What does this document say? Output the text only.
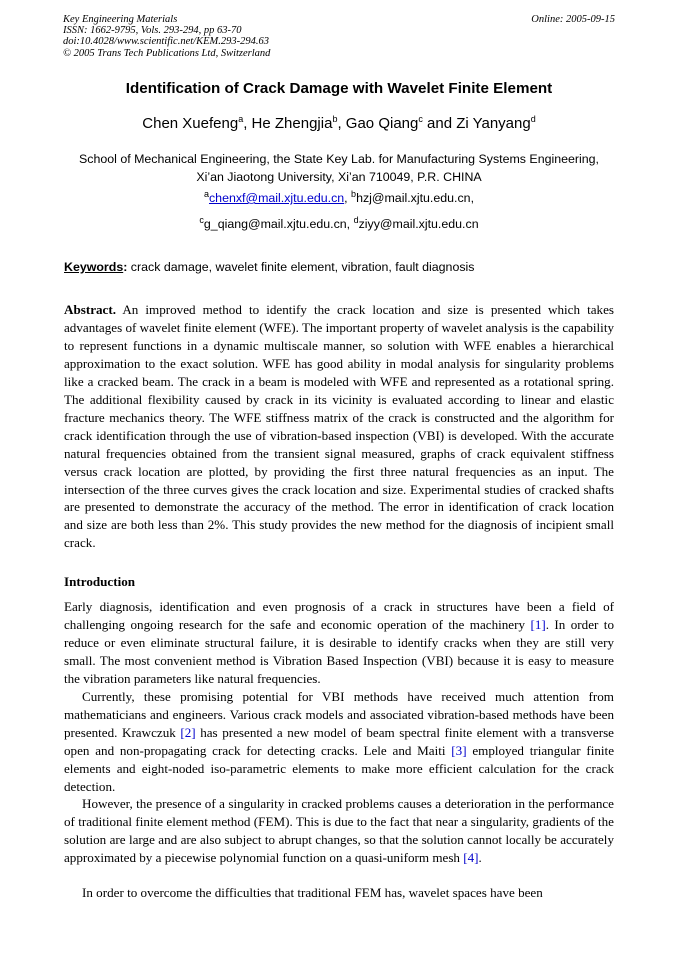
Key Engineering Materials
ISSN: 1662-9795, Vols. 293-294, pp 63-70
doi:10.4028/www.scientific.net/KEM.293-294.63
© 2005 Trans Tech Publications Ltd, Switzerland
Online: 2005-09-15
Identification of Crack Damage with Wavelet Finite Element
Chen Xuefeng$^a$, He Zhengjia$^b$, Gao Qiang$^c$ and Zi Yanyang$^d$
School of Mechanical Engineering, the State Key Lab. for Manufacturing Systems Engineering,
Xi’an Jiaotong University, Xi’an 710049, P.R. CHINA
$^a$chenxf@mail.xjtu.edu.cn, $^b$hzj@mail.xjtu.edu.cn,
$^c$g_qiang@mail.xjtu.edu.cn, $^d$ziyy@mail.xjtu.edu.cn
Keywords: crack damage, wavelet finite element, vibration, fault diagnosis
Abstract. An improved method to identify the crack location and size is presented which takes advantages of wavelet finite element (WFE). The important property of wavelet analysis is the capability to represent functions in a dynamic multiscale manner, so solution with WFE enables a hierarchical approximation to the exact solution. WFE has good ability in modal analysis for singularity problems like a cracked beam. The crack in a beam is modeled with WFE and represented as a rotational spring. The additional flexibility caused by crack in its vicinity is evaluated according to linear and elastic fracture mechanics theory. The WFE stiffness matrix of the crack is constructed and the algorithm for crack identification through the use of vibration-based inspection (VBI) is developed. With the accurate natural frequencies obtained from the transient signal measured, graphs of crack equivalent stiffness versus crack location are plotted, by providing the first three natural frequencies as an input. The intersection of the three curves gives the crack location and size. Experimental studies of cracked shafts are presented to demonstrate the accuracy of the method. The error in identification of crack location and size are both less than 2%. This study provides the new method for the diagnosis of incipient small crack.
Introduction
Early diagnosis, identification and even prognosis of a crack in structures have been a field of challenging ongoing research for the safe and economic operation of the machinery [1]. In order to reduce or even eliminate structural failure, it is desirable to identify cracks when they are still very small. The most convenient method is Vibration Based Inspection (VBI) because it is easy to measure the vibration parameters like natural frequencies.
Currently, these promising potential for VBI methods have received much attention from mathematicians and engineers. Various crack models and associated vibration-based methods have been presented. Krawczuk [2] has presented a new model of beam spectral finite element with a transverse open and non-propagating crack for detecting cracks. Lele and Maiti [3] employed triangular finite elements and eight-noded iso-parametric elements to make more efficient calculation for the crack detection.
However, the presence of a singularity in cracked problems causes a deterioration in the performance of traditional finite element method (FEM). This is due to the fact that near a singularity, gradients of the solution are large and are also subject to abrupt changes, so that the solution cannot locally be accurately approximated by a piecewise polynomial function on a quasi-uniform mesh [4].
In order to overcome the difficulties that traditional FEM has, wavelet spaces have been
